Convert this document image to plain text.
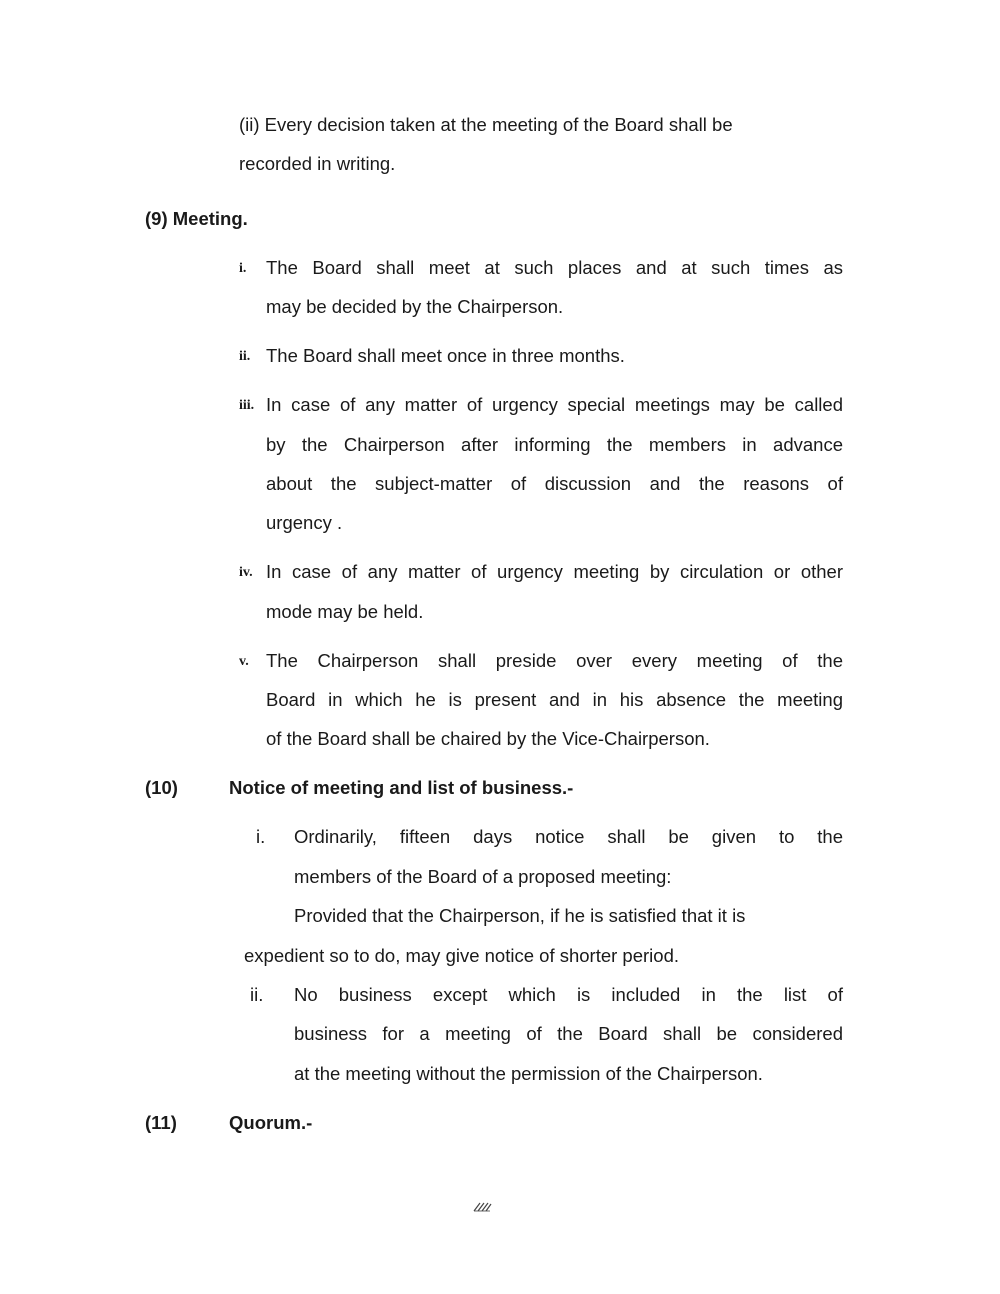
(ii) Every decision taken at the meeting of the Board shall be
recorded in writing.
(9) Meeting.
i. The Board shall meet at such places and at such times as
may be decided by the Chairperson.
ii. The Board shall meet once in three months.
iii. In case of any matter of urgency special meetings may be called
by the Chairperson after informing the members in advance
about the subject-matter of discussion and the reasons of
urgency .
iv. In case of any matter of urgency meeting by circulation or other
mode may be held.
v. The Chairperson shall preside over every meeting of the
Board in which he is present and in his absence the meeting
of the Board shall be chaired by the Vice-Chairperson.
(10)	Notice of meeting and list of business.-
i. Ordinarily, fifteen days notice shall be given to the
members of the Board of a proposed meeting:
Provided that the Chairperson, if he is satisfied that it is
expedient so to do, may give notice of shorter period.
ii. No business except which is included in the list of
business for a meeting of the Board shall be considered
at the meeting without the permission of the Chairperson.
(11)	Quorum.-
